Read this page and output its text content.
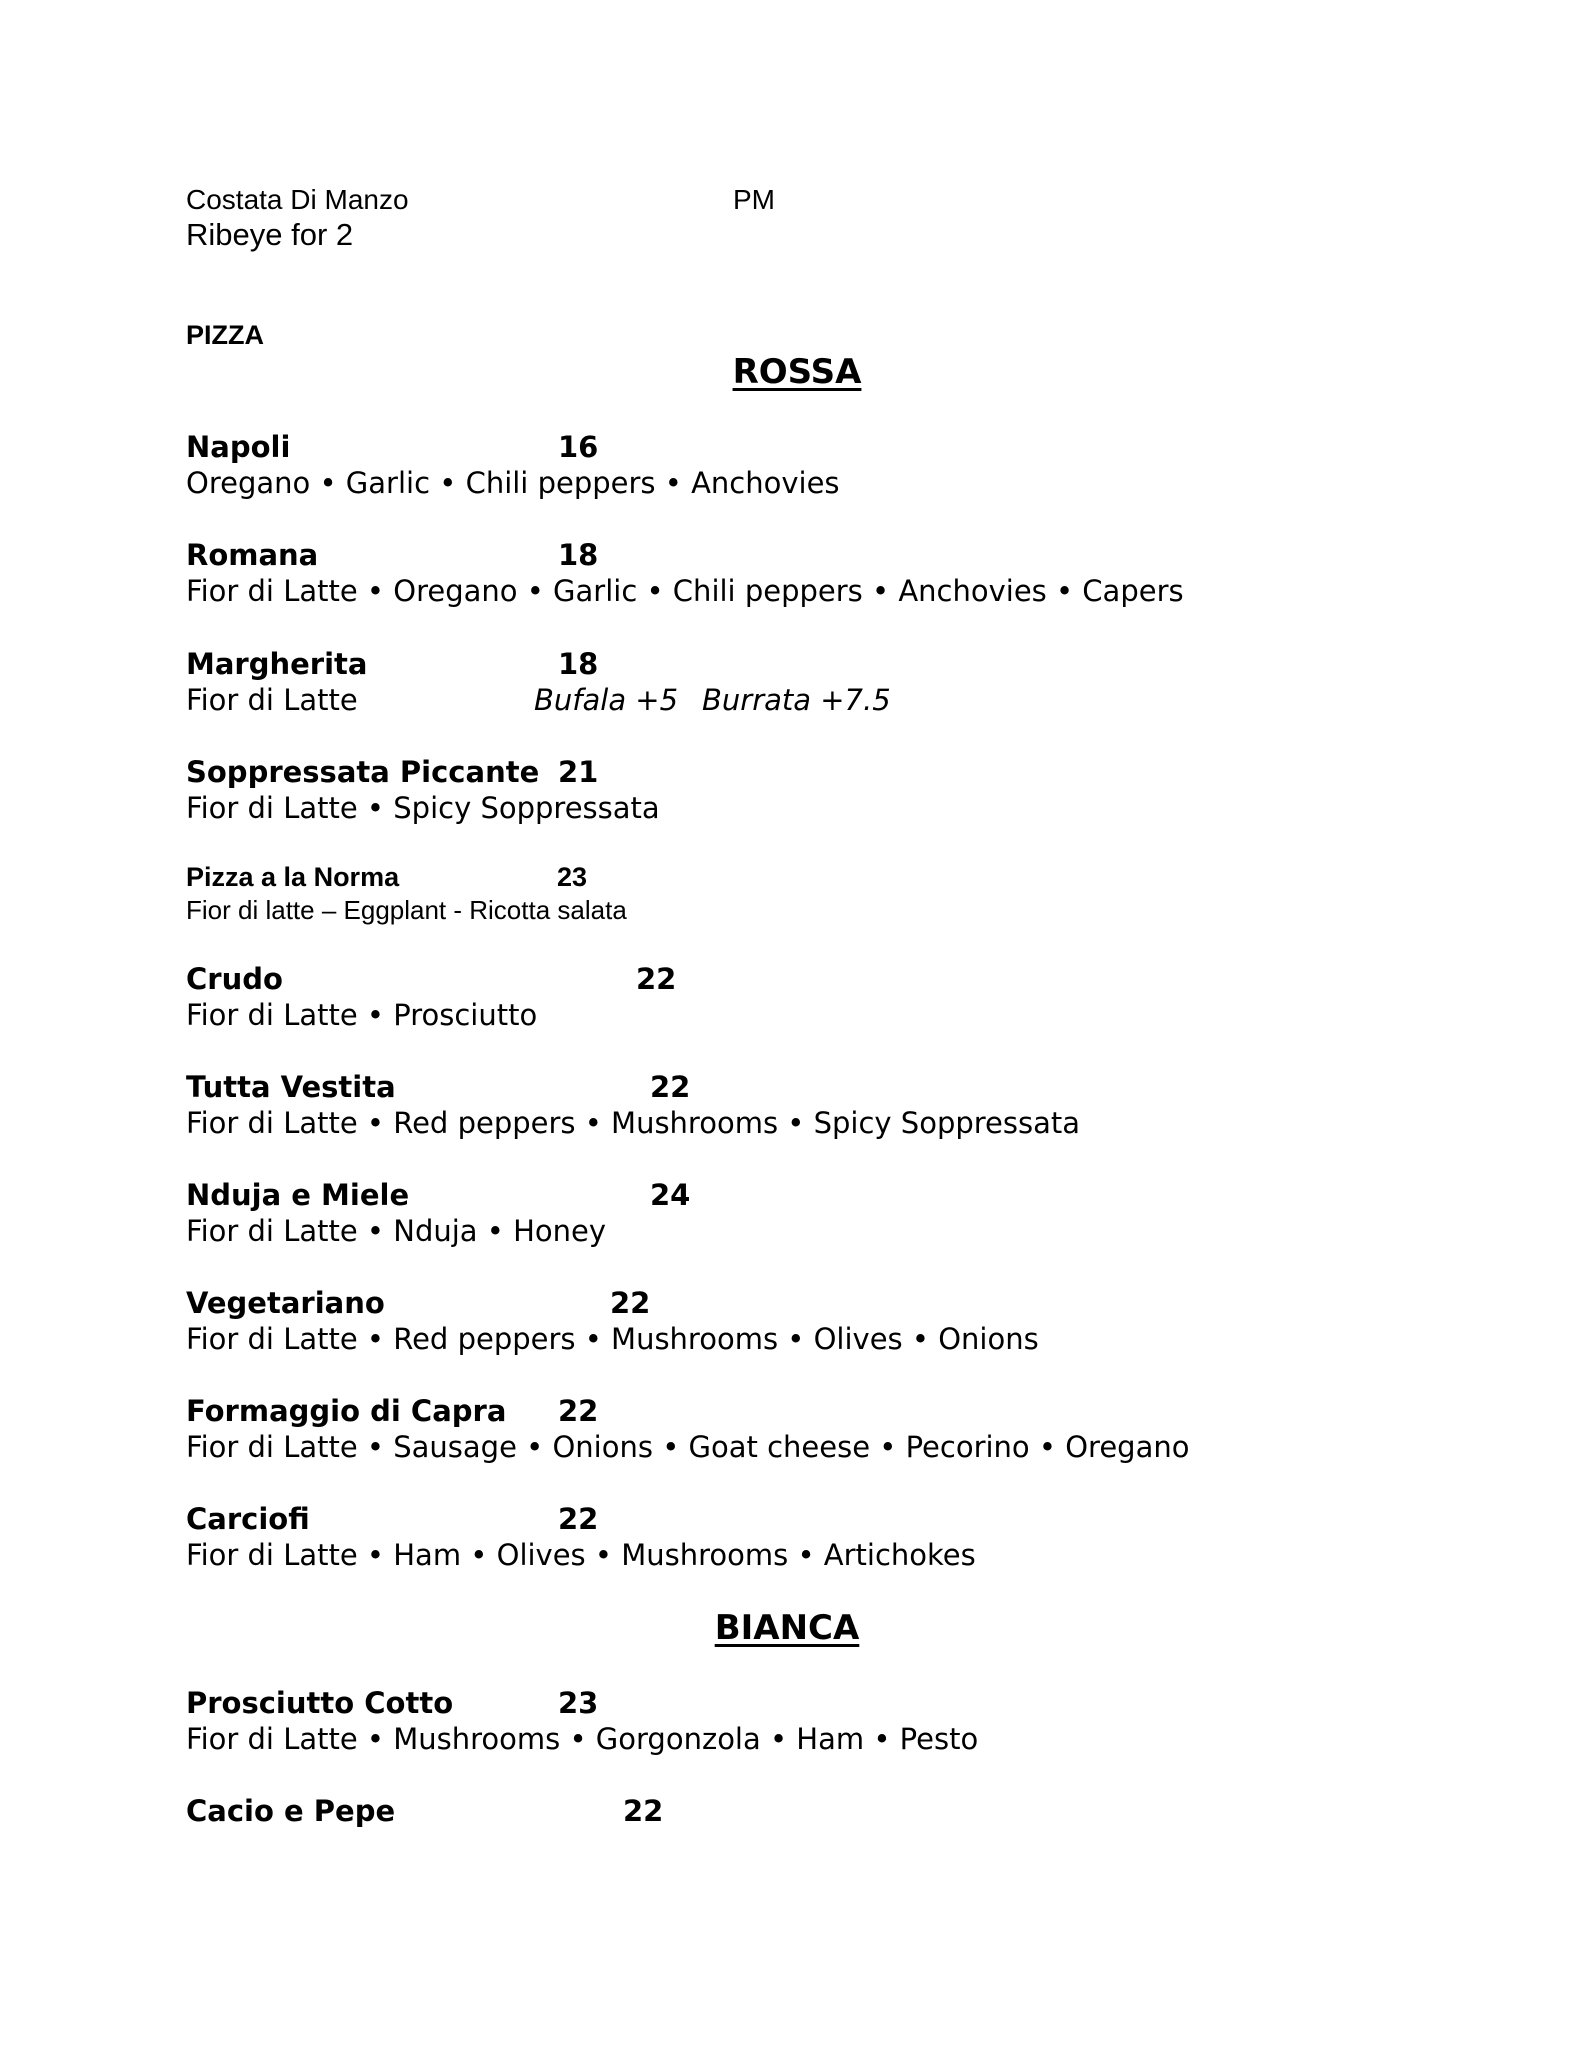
Costata Di Manzo	PM
Ribeye for 2
PIZZA
ROSSA
Napoli	16
Oregano • Garlic • Chili peppers • Anchovies
Romana	18
Fior di Latte • Oregano • Garlic • Chili peppers • Anchovies • Capers
Margherita	18
Fior di Latte	Bufala +5 Burrata +7.5
Soppressata Piccante 21
Fior di Latte • Spicy Soppressata
Pizza a la Norma	23
Fior di latte – Eggplant - Ricotta salata
Crudo	22
Fior di Latte • Prosciutto
Tutta Vestita	22
Fior di Latte • Red peppers • Mushrooms • Spicy Soppressata
Nduja e Miele	24
Fior di Latte • Nduja • Honey
Vegetariano	22
Fior di Latte • Red peppers • Mushrooms • Olives • Onions
Formaggio di Capra 22
Fior di Latte • Sausage • Onions • Goat cheese • Pecorino • Oregano
Carciofi	22
Fior di Latte • Ham • Olives • Mushrooms • Artichokes
BIANCA
Prosciutto Cotto	23
Fior di Latte • Mushrooms • Gorgonzola • Ham • Pesto
Cacio e Pepe	22
